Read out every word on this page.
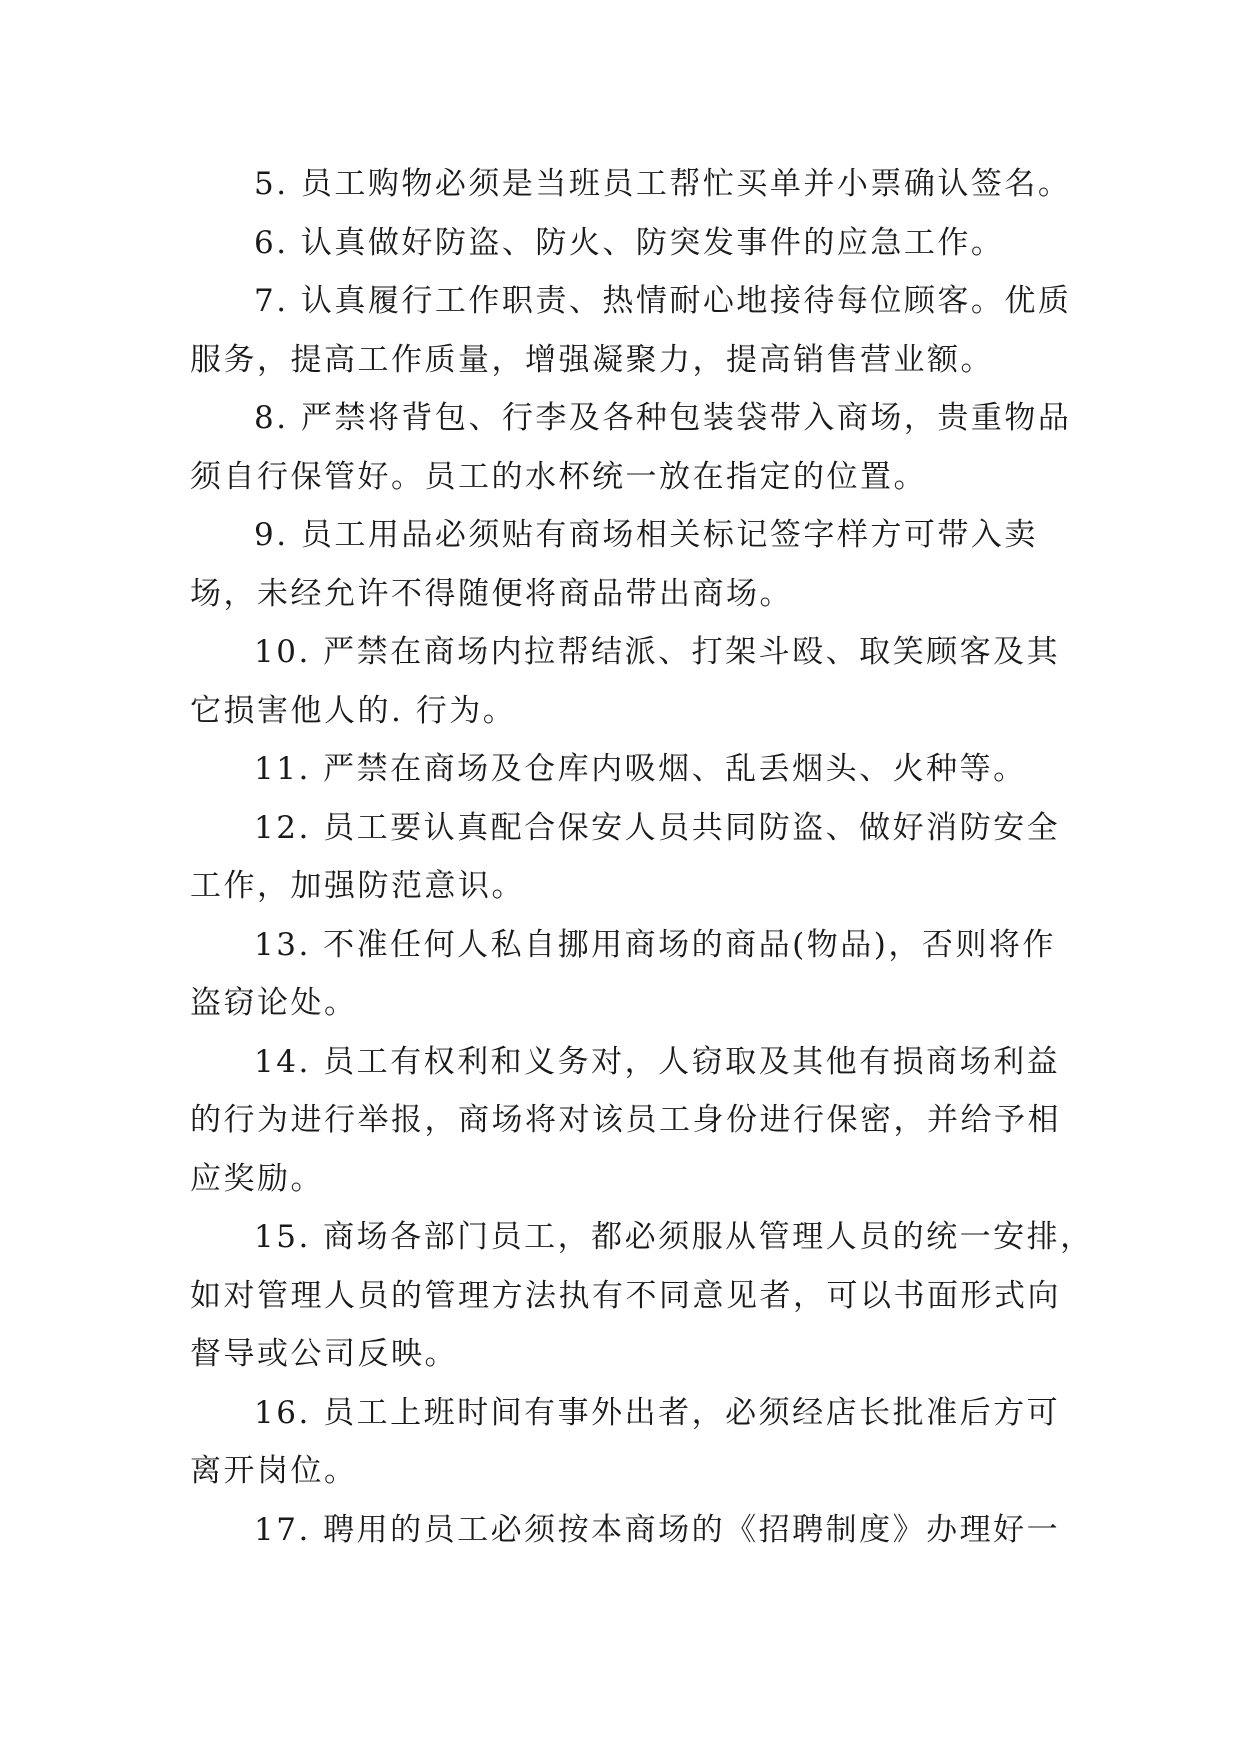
5. 员工购物必须是当班员工帮忙买单并小票确认签名。
6. 认真做好防盗、防火、防突发事件的应急工作。
7. 认真履行工作职责、热情耐心地接待每位顾客。优质
服务，提高工作质量，增强凝聚力，提高销售营业额。
8. 严禁将背包、行李及各种包装袋带入商场，贵重物品
须自行保管好。员工的水杯统一放在指定的位置。
9. 员工用品必须贴有商场相关标记签字样方可带入卖
场，未经允许不得随便将商品带出商场。
10. 严禁在商场内拉帮结派、打架斗殴、取笑顾客及其
它损害他人的. 行为。
11. 严禁在商场及仓库内吸烟、乱丢烟头、火种等。
12. 员工要认真配合保安人员共同防盗、做好消防安全
工作，加强防范意识。
13. 不准任何人私自挪用商场的商品(物品)，否则将作
盗窃论处。
14. 员工有权利和义务对，人窃取及其他有损商场利益
的行为进行举报，商场将对该员工身份进行保密，并给予相
应奖励。
15. 商场各部门员工，都必须服从管理人员的统一安排，
如对管理人员的管理方法执有不同意见者，可以书面形式向
督导或公司反映。
16. 员工上班时间有事外出者，必须经店长批准后方可
离开岗位。
17. 聘用的员工必须按本商场的《招聘制度》办理好一
